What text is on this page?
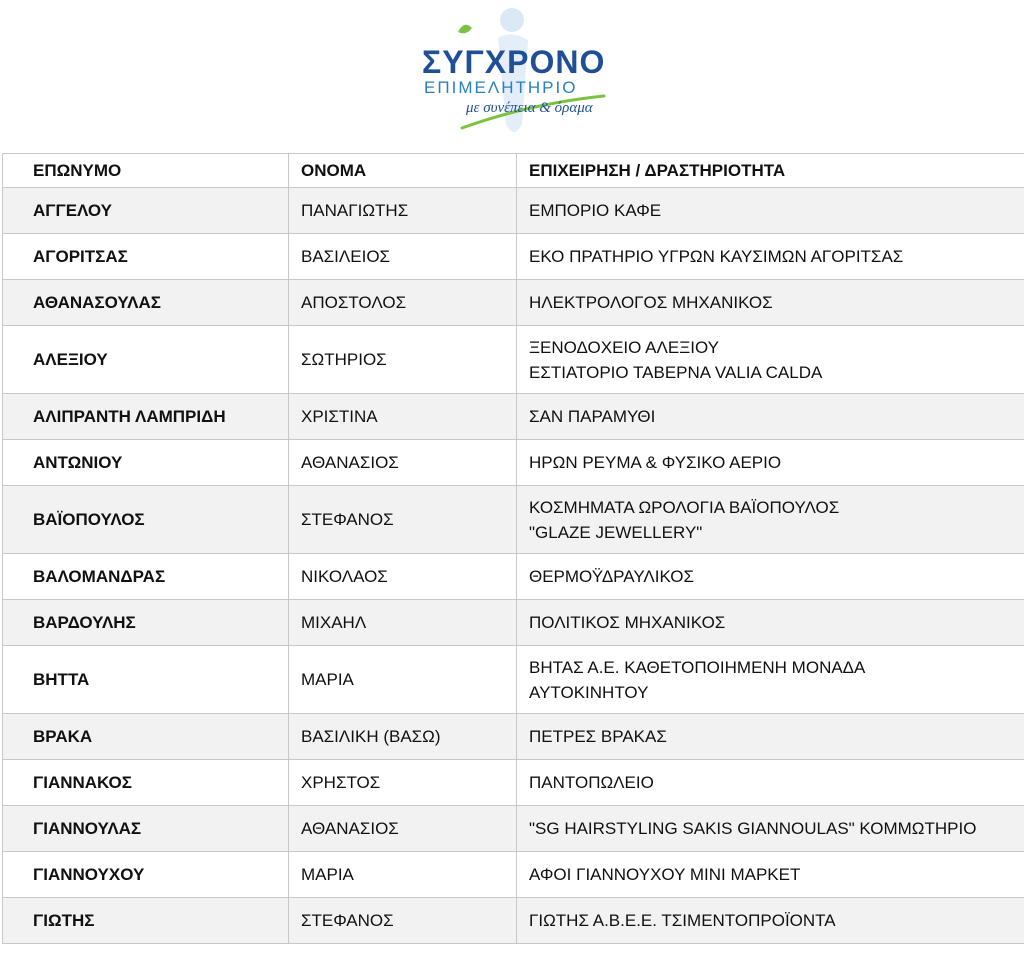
ΣΥΓΧΡΟΝΟ
ΕΠΙΜΕΛΗΤΗΡΙΟ
με συνέπεια & όραμα
ΕΠΩΝΥΜΟ	ΟΝΟΜΑ	ΕΠΙΧΕΙΡΗΣΗ / ΔΡΑΣΤΗΡΙΟΤΗΤΑ
ΑΓΓΕΛΟΥ	ΠΑΝΑΓΙΩΤΗΣ	ΕΜΠΟΡΙΟ ΚΑΦΕ

ΑΓΟΡΙΤΣΑΣ	ΒΑΣΙΛΕΙΟΣ	ΕΚΟ ΠΡΑΤΗΡΙΟ ΥΓΡΩΝ ΚΑΥΣΙΜΩΝ ΑΓΟΡΙΤΣΑΣ

ΑΘΑΝΑΣΟΥΛΑΣ	ΑΠΟΣΤΟΛΟΣ	ΗΛΕΚΤΡΟΛΟΓΟΣ ΜΗΧΑΝΙΚΟΣ

ΑΛΕΞΙΟΥ	ΣΩΤΗΡΙΟΣ	ΞΕΝΟΔΟΧΕΙΟ ΑΛΕΞΙΟΥ
ΕΣΤΙΑΤΟΡΙΟ ΤΑΒΕΡΝΑ VALIA CALDA

ΑΛΙΠΡΑΝΤΗ ΛΑΜΠΡΙΔΗ	ΧΡΙΣΤΙΝΑ	ΣΑΝ ΠΑΡΑΜΥΘΙ

ΑΝΤΩΝΙΟΥ	ΑΘΑΝΑΣΙΟΣ	ΗΡΩΝ ΡΕΥΜΑ & ΦΥΣΙΚΟ ΑΕΡΙΟ

ΒΑΪΟΠΟΥΛΟΣ	ΣΤΕΦΑΝΟΣ	ΚΟΣΜΗΜΑΤΑ ΩΡΟΛΟΓΙΑ ΒΑΪΟΠΟΥΛΟΣ
"GLAZE JEWELLERY"

ΒΑΛΟΜΑΝΔΡΑΣ	ΝΙΚΟΛΑΟΣ	ΘΕΡΜΟΫΔΡΑΥΛΙΚΟΣ

ΒΑΡΔΟΥΛΗΣ	ΜΙΧΑΗΛ	ΠΟΛΙΤΙΚΟΣ ΜΗΧΑΝΙΚΟΣ

ΒΗΤΤΑ	ΜΑΡΙΑ	ΒΗΤΑΣ Α.Ε. ΚΑΘΕΤΟΠΟΙΗΜΕΝΗ ΜΟΝΑΔΑ
ΑΥΤΟΚΙΝΗΤΟΥ

ΒΡΑΚΑ	ΒΑΣΙΛΙΚΗ (ΒΑΣΩ)	ΠΕΤΡΕΣ ΒΡΑΚΑΣ

ΓΙΑΝΝΑΚΟΣ	ΧΡΗΣΤΟΣ	ΠΑΝΤΟΠΩΛΕΙΟ

ΓΙΑΝΝΟΥΛΑΣ	ΑΘΑΝΑΣΙΟΣ	"SG HAIRSTYLING SAKIS GIANNOULAS" ΚΟΜΜΩΤΗΡΙΟ

ΓΙΑΝΝΟΥΧΟΥ	ΜΑΡΙΑ	ΑΦΟΙ ΓΙΑΝΝΟΥΧΟΥ ΜΙΝΙ ΜΑΡΚΕΤ

ΓΙΩΤΗΣ	ΣΤΕΦΑΝΟΣ	ΓΙΩΤΗΣ Α.Β.Ε.Ε. ΤΣΙΜΕΝΤΟΠΡΟΪΟΝΤΑ
